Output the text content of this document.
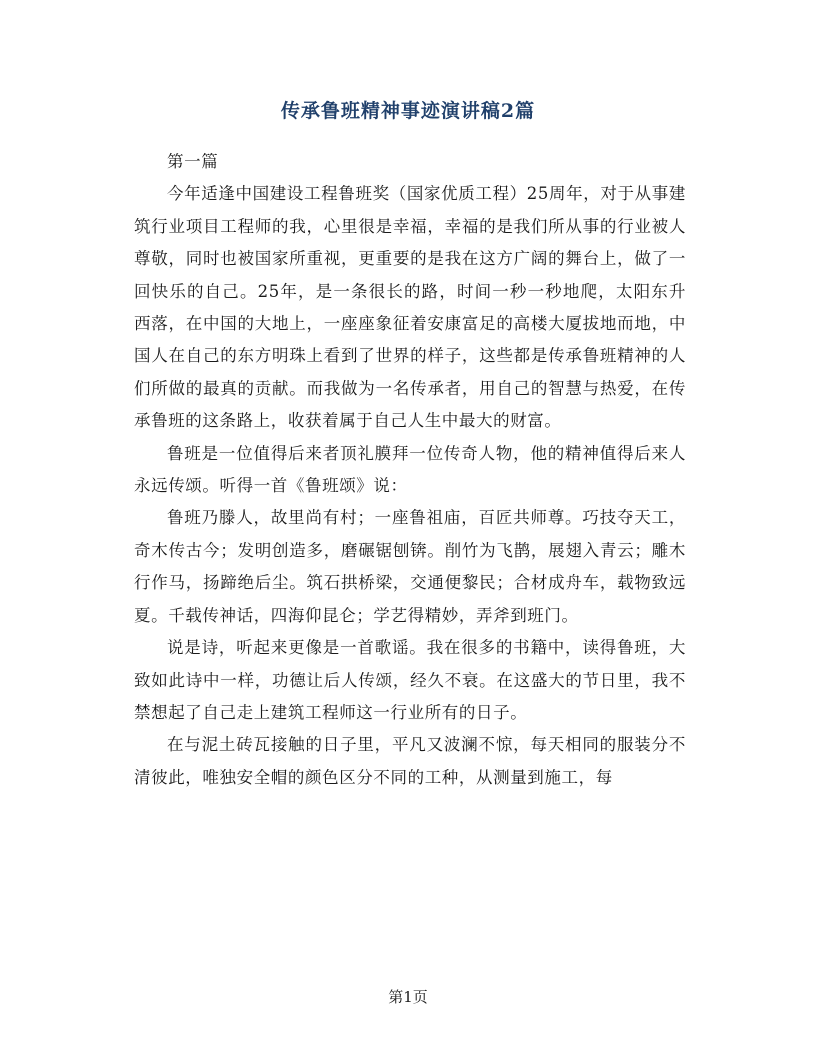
传承鲁班精神事迹演讲稿2篇

第一篇

今年适逢中国建设工程鲁班奖（国家优质工程）25周年，对于从事建筑行业项目工程师的我，心里很是幸福，幸福的是我们所从事的行业被人尊敬，同时也被国家所重视，更重要的是我在这方广阔的舞台上，做了一回快乐的自己。25年，是一条很长的路，时间一秒一秒地爬，太阳东升西落，在中国的大地上，一座座象征着安康富足的高楼大厦拔地而地，中国人在自己的东方明珠上看到了世界的样子，这些都是传承鲁班精神的人们所做的最真的贡献。而我做为一名传承者，用自己的智慧与热爱，在传承鲁班的这条路上，收获着属于自己人生中最大的财富。

鲁班是一位值得后来者顶礼膜拜一位传奇人物，他的精神值得后来人永远传颂。听得一首《鲁班颂》说：

鲁班乃滕人，故里尚有村；一座鲁祖庙，百匠共师尊。巧技夺天工，奇木传古今；发明创造多，磨碾锯刨锛。削竹为飞鹊，展翅入青云；雕木行作马，扬蹄绝后尘。筑石拱桥梁，交通便黎民；合材成舟车，载物致远夏。千载传神话，四海仰昆仑；学艺得精妙，弄斧到班门。

说是诗，听起来更像是一首歌谣。我在很多的书籍中，读得鲁班，大致如此诗中一样，功德让后人传颂，经久不衰。在这盛大的节日里，我不禁想起了自己走上建筑工程师这一行业所有的日子。

在与泥土砖瓦接触的日子里，平凡又波澜不惊，每天相同的服装分不清彼此，唯独安全帽的颜色区分不同的工种，从测量到施工，每

第1页
